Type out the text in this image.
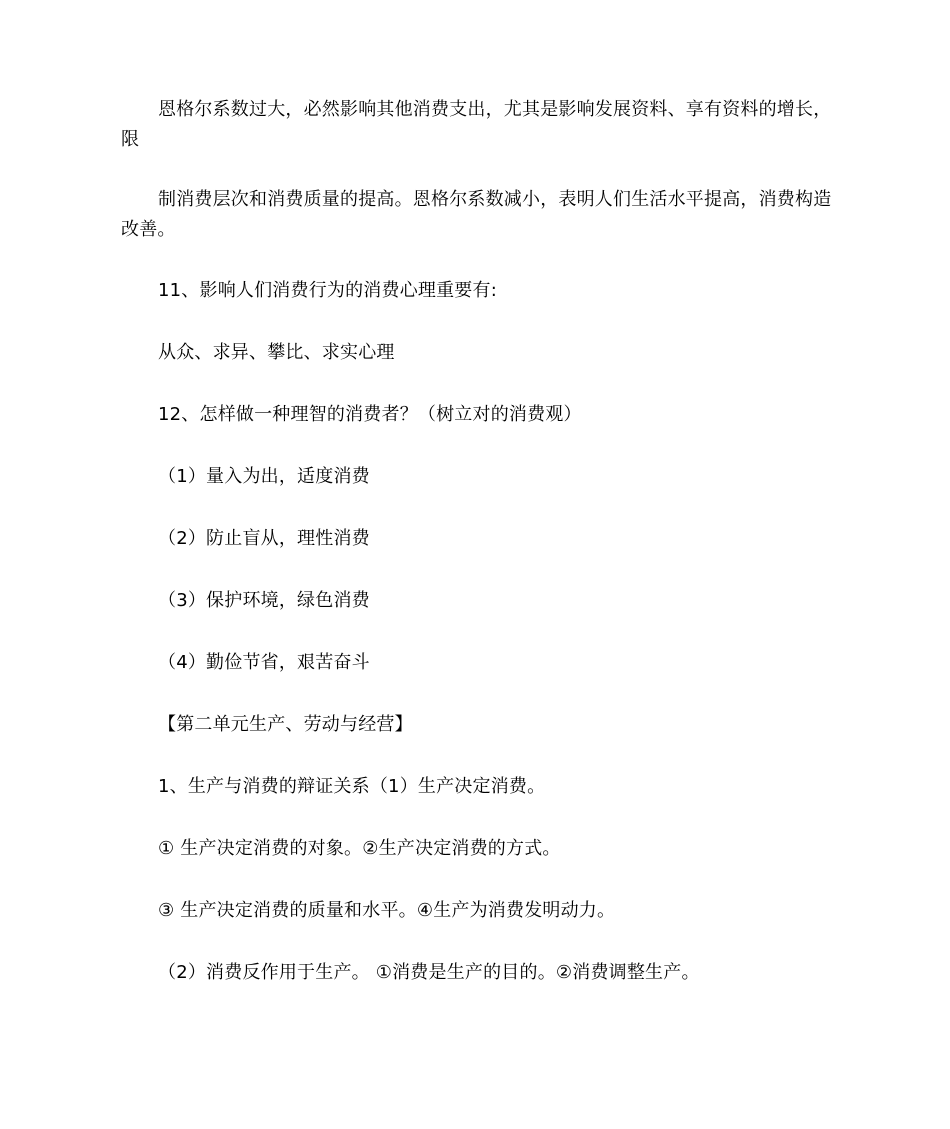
恩格尔系数过大，必然影响其他消费支出，尤其是影响发展资料、享有资料的增长，限

制消费层次和消费质量的提高。恩格尔系数减小，表明人们生活水平提高，消费构造改善。

11、影响人们消费行为的消费心理重要有:

从众、求异、攀比、求实心理

12、怎样做一种理智的消费者？（树立对的消费观）

（1）量入为出，适度消费

（2）防止盲从，理性消费

（3）保护环境，绿色消费

（4）勤俭节省，艰苦奋斗

【第二单元生产、劳动与经营】

1、生产与消费的辩证关系（1）生产决定消费。

① 生产决定消费的对象。②生产决定消费的方式。

③ 生产决定消费的质量和水平。④生产为消费发明动力。

（2）消费反作用于生产。 ①消费是生产的目的。②消费调整生产。
